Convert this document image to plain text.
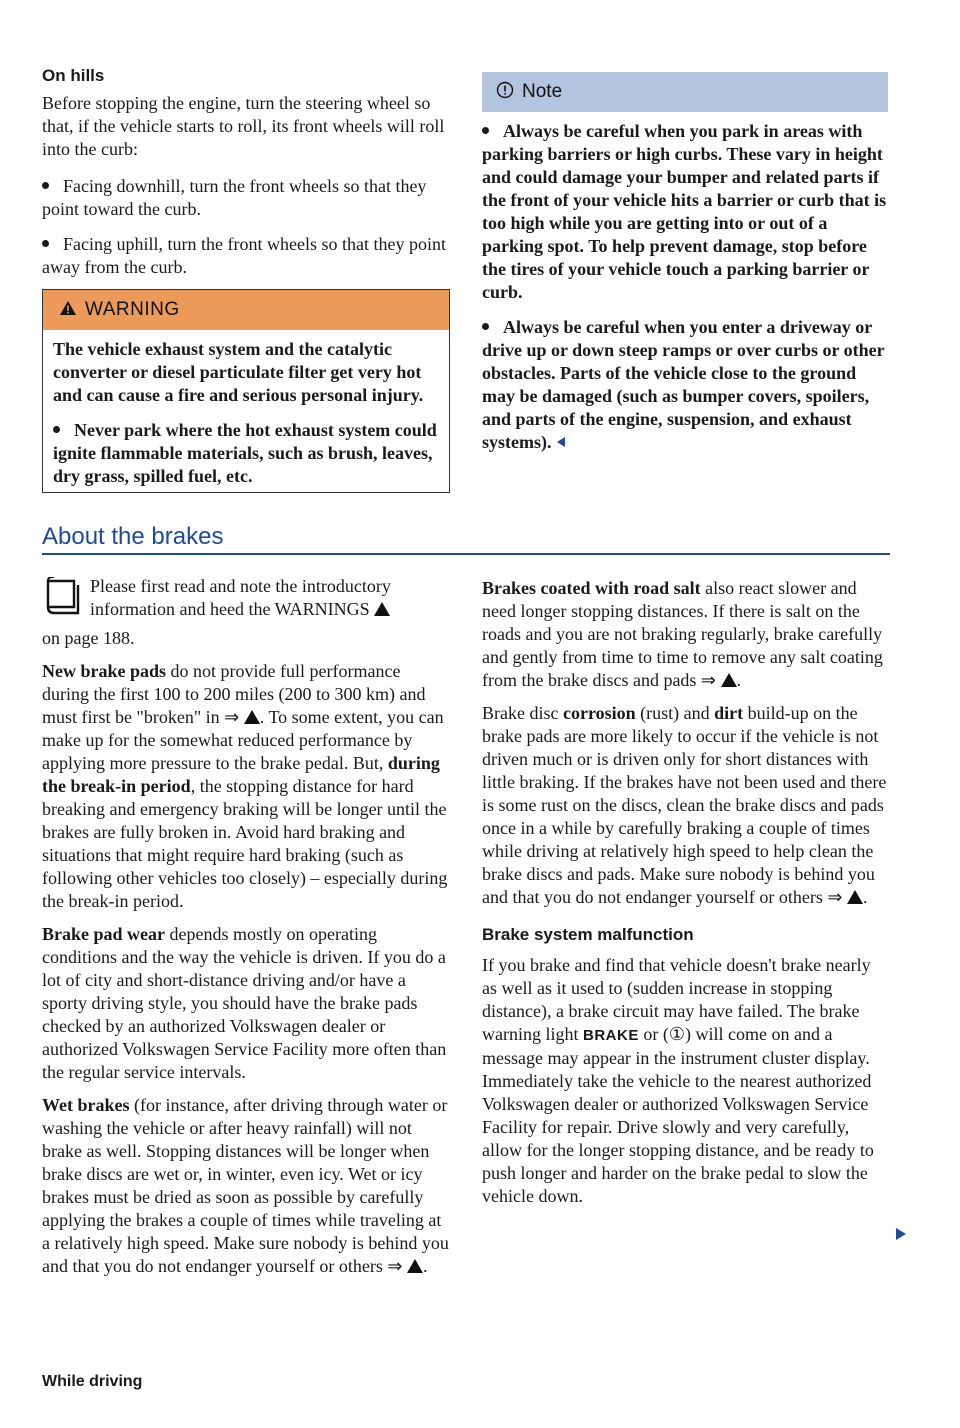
On hills

Before stopping the engine, turn the steering wheel so that, if the vehicle starts to roll, its front wheels will roll into the curb:

Facing downhill, turn the front wheels so that they point toward the curb.

Facing uphill, turn the front wheels so that they point away from the curb.

WARNING

The vehicle exhaust system and the catalytic converter or diesel particulate filter get very hot and can cause a fire and serious personal injury.

Never park where the hot exhaust system could ignite flammable materials, such as brush, leaves, dry grass, spilled fuel, etc.

Note

Always be careful when you park in areas with parking barriers or high curbs. These vary in height and could damage your bumper and related parts if the front of your vehicle hits a barrier or curb that is too high while you are getting into or out of a parking spot. To help prevent damage, stop before the tires of your vehicle touch a parking barrier or curb.

Always be careful when you enter a driveway or drive up or down steep ramps or over curbs or other obstacles. Parts of the vehicle close to the ground may be damaged (such as bumper covers, spoilers, and parts of the engine, suspension, and exhaust systems).

About the brakes
Please first read and note the introductory information and heed the WARNINGS

on page 188.

New brake pads do not provide full performance during the first 100 to 200 miles (200 to 300 km) and must first be "broken" in ⇒ . To some extent, you can make up for the somewhat reduced performance by applying more pressure to the brake pedal. But, during the break-in period, the stopping distance for hard breaking and emergency braking will be longer until the brakes are fully broken in. Avoid hard braking and situations that might require hard braking (such as following other vehicles too closely) – especially during the break-in period.

Brake pad wear depends mostly on operating conditions and the way the vehicle is driven. If you do a lot of city and short-distance driving and/or have a sporty driving style, you should have the brake pads checked by an authorized Volkswagen dealer or authorized Volkswagen Service Facility more often than the regular service intervals.

Wet brakes (for instance, after driving through water or washing the vehicle or after heavy rainfall) will not brake as well. Stopping distances will be longer when brake discs are wet or, in winter, even icy. Wet or icy brakes must be dried as soon as possible by carefully applying the brakes a couple of times while traveling at a relatively high speed. Make sure nobody is behind you and that you do not endanger yourself or others ⇒ .

Brakes coated with road salt also react slower and need longer stopping distances. If there is salt on the roads and you are not braking regularly, brake carefully and gently from time to time to remove any salt coating from the brake discs and pads ⇒ .

Brake disc corrosion (rust) and dirt build-up on the brake pads are more likely to occur if the vehicle is not driven much or is driven only for short distances with little braking. If the brakes have not been used and there is some rust on the discs, clean the brake discs and pads once in a while by carefully braking a couple of times while driving at relatively high speed to help clean the brake discs and pads. Make sure nobody is behind you and that you do not endanger yourself or others ⇒ .

Brake system malfunction

If you brake and find that vehicle doesn't brake nearly as well as it used to (sudden increase in stopping distance), a brake circuit may have failed. The brake warning light BRAKE or (①) will come on and a message may appear in the instrument cluster display. Immediately take the vehicle to the nearest authorized Volkswagen dealer or authorized Volkswagen Service Facility for repair. Drive slowly and very carefully, allow for the longer stopping distance, and be ready to push longer and harder on the brake pedal to slow the vehicle down.

While driving
